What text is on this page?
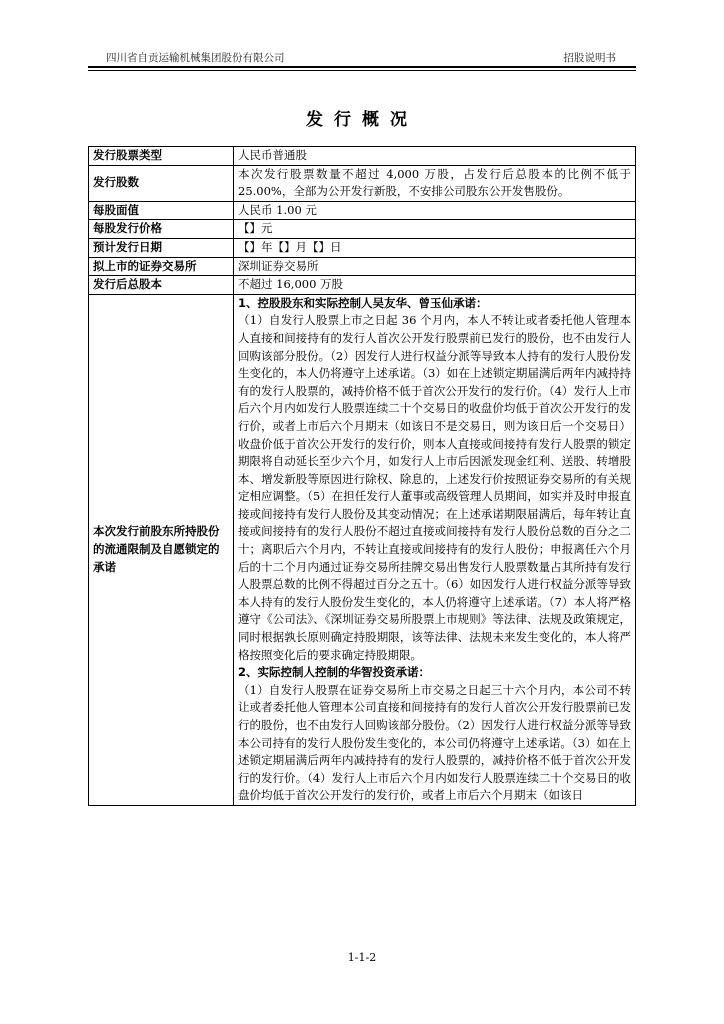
四川省自贡运输机械集团股份有限公司	招股说明书
发行概况
发行股票类型	人民币普通股
发行股数	本次发行股票数量不超过 4,000 万股，占发行后总股本的比例不低于 25.00%，全部为公开发行新股，不安排公司股东公开发售股份。
每股面值	人民币 1.00 元
每股发行价格	【】元
预计发行日期	【】年【】月【】日
拟上市的证券交易所	深圳证券交易所
发行后总股本	不超过 16,000 万股
本次发行前股东所持股份的流通限制及自愿锁定的承诺	1、控股股东和实际控制人吴友华、曾玉仙承诺：
（1）自发行人股票上市之日起 36 个月内，本人不转让或者委托他人管理本人直接和间接持有的发行人首次公开发行股票前已发行的股份，也不由发行人回购该部分股份。（2）因发行人进行权益分派等导致本人持有的发行人股份发生变化的，本人仍将遵守上述承诺。（3）如在上述锁定期届满后两年内减持持有的发行人股票的，减持价格不低于首次公开发行的发行价。（4）发行人上市后六个月内如发行人股票连续二十个交易日的收盘价均低于首次公开发行的发行价，或者上市后六个月期末（如该日不是交易日，则为该日后一个交易日）收盘价低于首次公开发行的发行价，则本人直接或间接持有发行人股票的锁定期限将自动延长至少六个月，如发行人上市后因派发现金红利、送股、转增股本、增发新股等原因进行除权、除息的，上述发行价按照证券交易所的有关规定相应调整。（5）在担任发行人董事或高级管理人员期间，如实并及时申报直接或间接持有发行人股份及其变动情况；在上述承诺期限届满后，每年转让直接或间接持有的发行人股份不超过直接或间接持有发行人股份总数的百分之二十；离职后六个月内，不转让直接或间接持有的发行人股份；申报离任六个月后的十二个月内通过证券交易所挂牌交易出售发行人股票数量占其所持有发行人股票总数的比例不得超过百分之五十。（6）如因发行人进行权益分派等导致本人持有的发行人股份发生变化的，本人仍将遵守上述承诺。（7）本人将严格遵守《公司法》、《深圳证券交易所股票上市规则》等法律、法规及政策规定，同时根据孰长原则确定持股期限，该等法律、法规未来发生变化的，本人将严格按照变化后的要求确定持股期限。
2、实际控制人控制的华智投资承诺：
（1）自发行人股票在证券交易所上市交易之日起三十六个月内，本公司不转让或者委托他人管理本公司直接和间接持有的发行人首次公开发行股票前已发行的股份，也不由发行人回购该部分股份。（2）因发行人进行权益分派等导致本公司持有的发行人股份发生变化的，本公司仍将遵守上述承诺。（3）如在上述锁定期届满后两年内减持持有的发行人股票的，减持价格不低于首次公开发行的发行价。（4）发行人上市后六个月内如发行人股票连续二十个交易日的收盘价均低于首次公开发行的发行价，或者上市后六个月期末（如该日
1-1-2
